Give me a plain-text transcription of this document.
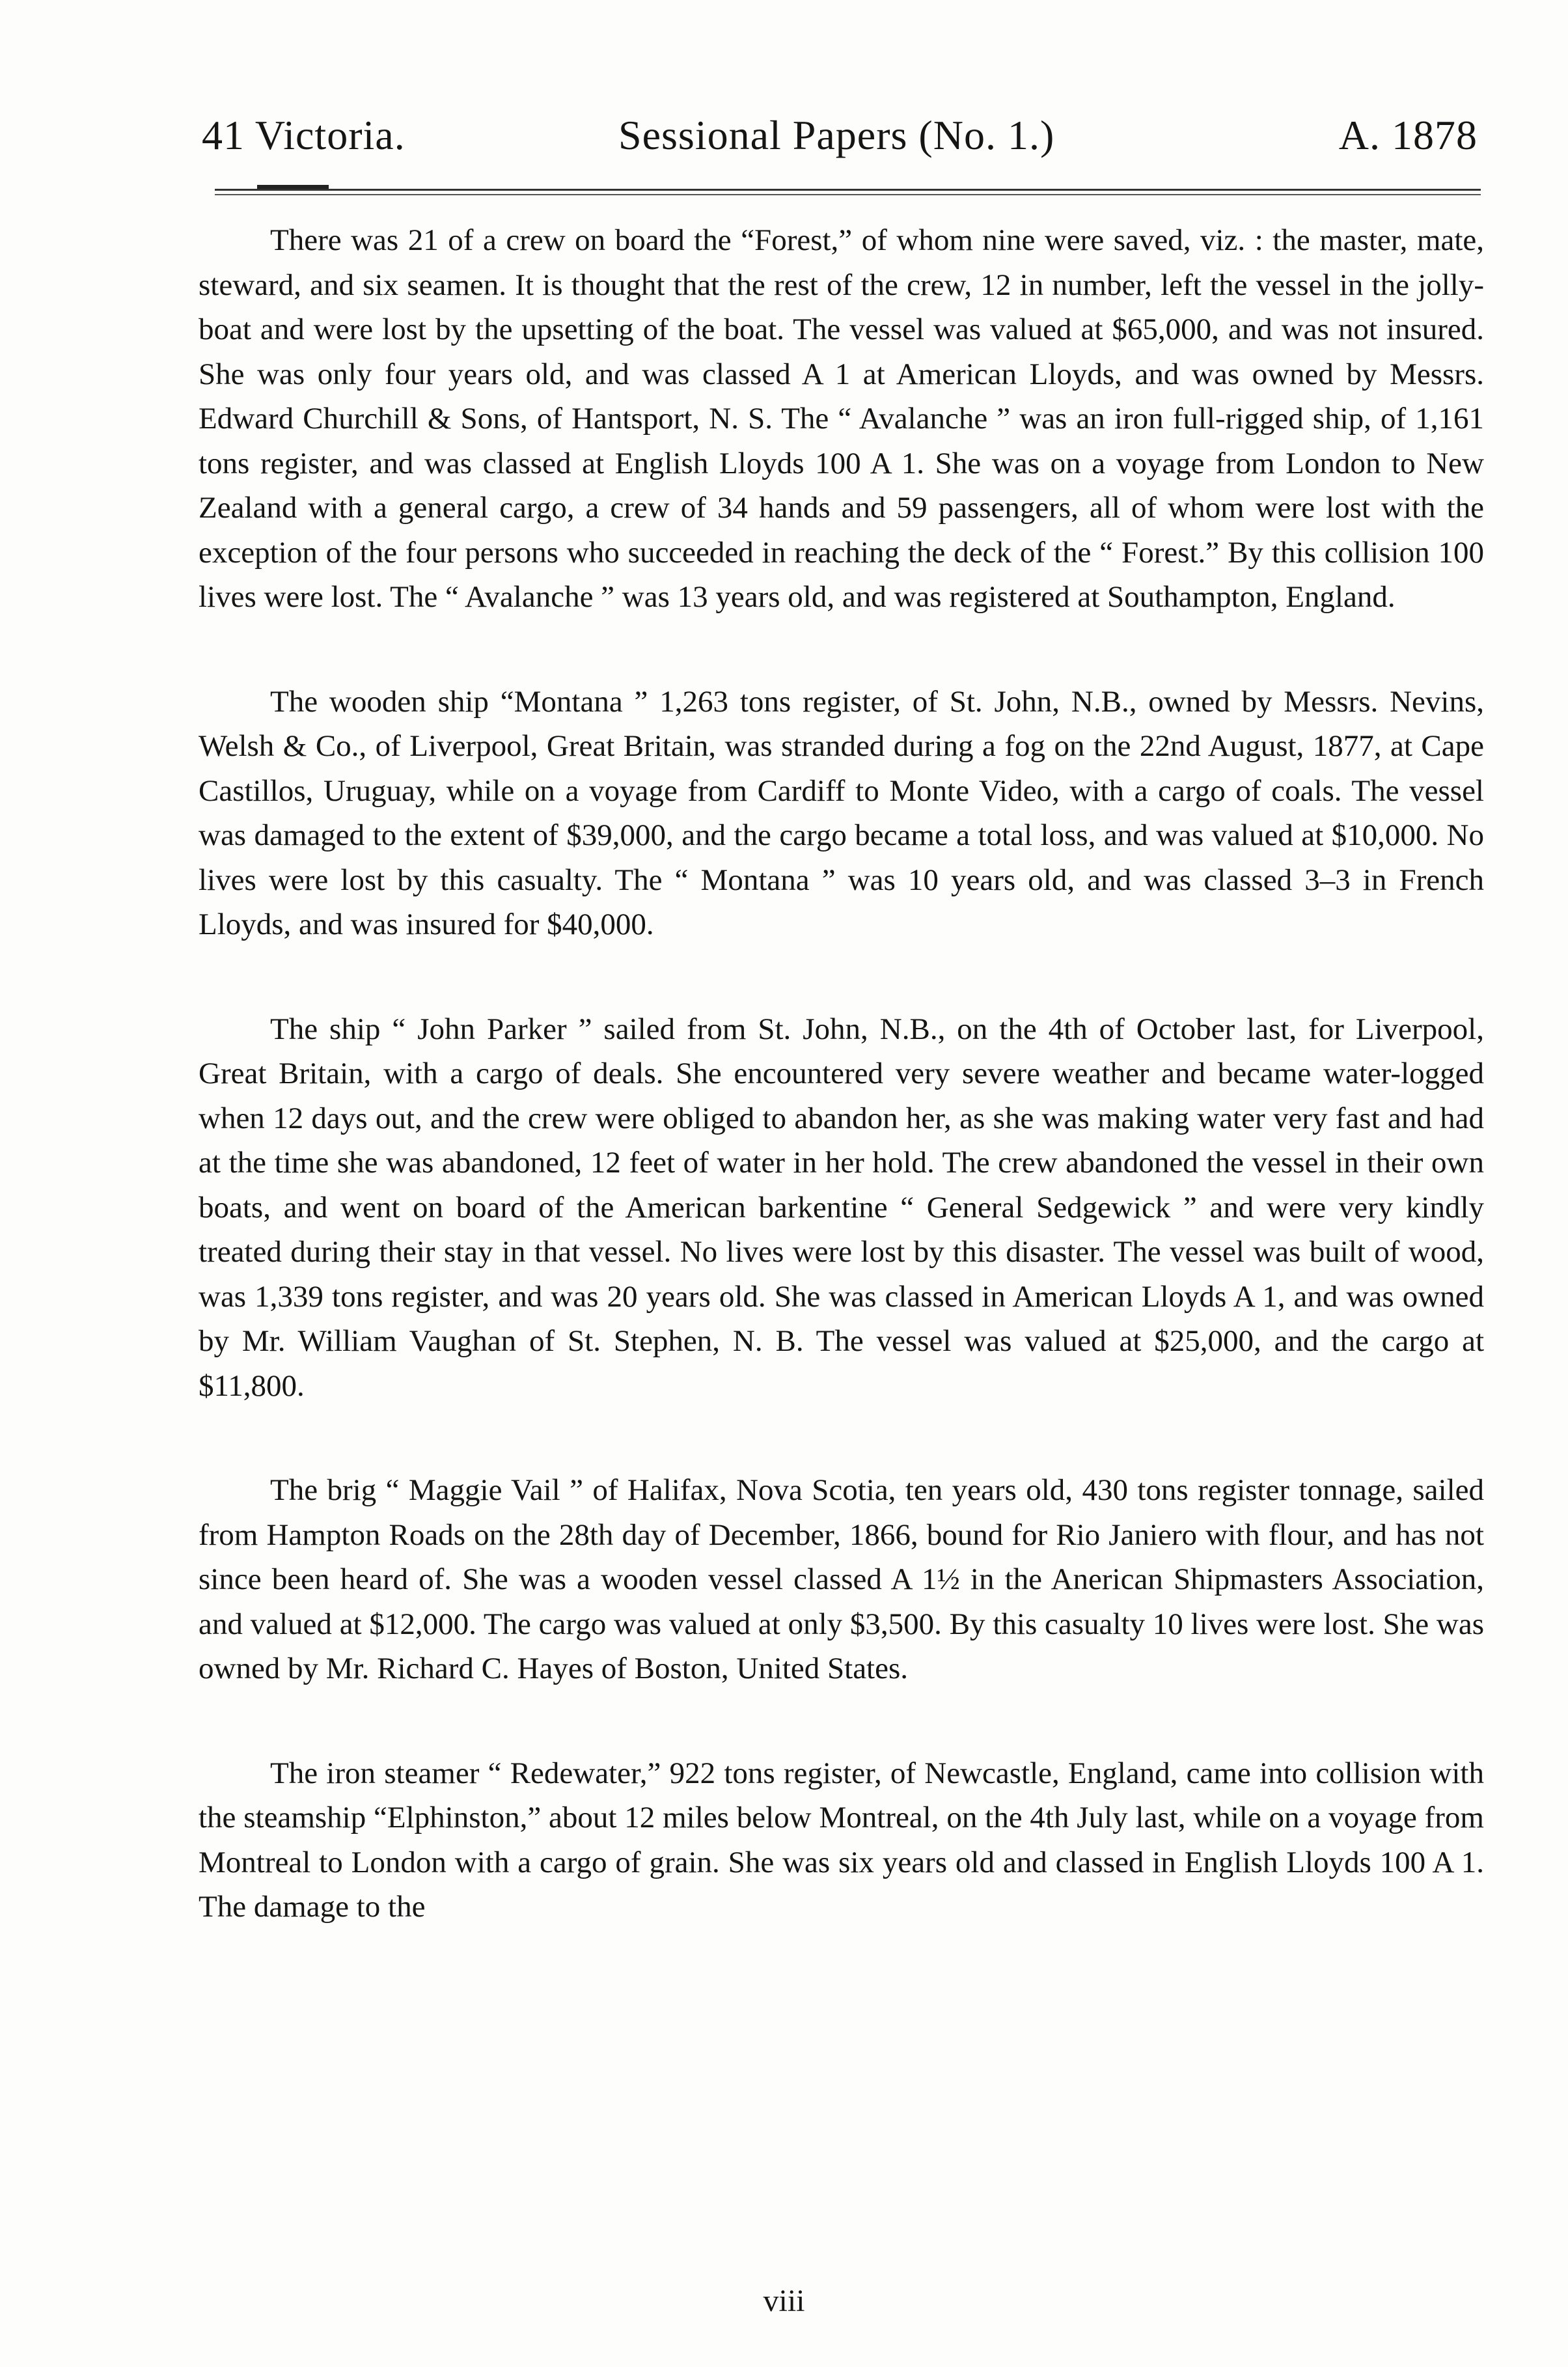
41 Victoria.	Sessional Papers (No. 1.)	A. 1878

There was 21 of a crew on board the “Forest,” of whom nine were saved, viz. : the master, mate, steward, and six seamen. It is thought that the rest of the crew, 12 in number, left the vessel in the jolly-boat and were lost by the upsetting of the boat. The vessel was valued at $65,000, and was not insured. She was only four years old, and was classed A 1 at American Lloyds, and was owned by Messrs. Edward Churchill & Sons, of Hantsport, N. S. The “ Avalanche ” was an iron full-rigged ship, of 1,161 tons register, and was classed at English Lloyds 100 A 1. She was on a voyage from London to New Zealand with a general cargo, a crew of 34 hands and 59 passengers, all of whom were lost with the exception of the four persons who succeeded in reaching the deck of the “ Forest.” By this collision 100 lives were lost. The “ Avalanche ” was 13 years old, and was registered at Southampton, England.

The wooden ship “Montana ” 1,263 tons register, of St. John, N.B., owned by Messrs. Nevins, Welsh & Co., of Liverpool, Great Britain, was stranded during a fog on the 22nd August, 1877, at Cape Castillos, Uruguay, while on a voyage from Cardiff to Monte Video, with a cargo of coals. The vessel was damaged to the extent of $39,000, and the cargo became a total loss, and was valued at $10,000. No lives were lost by this casualty. The “ Montana ” was 10 years old, and was classed 3–3 in French Lloyds, and was insured for $40,000.

The ship “ John Parker ” sailed from St. John, N.B., on the 4th of October last, for Liverpool, Great Britain, with a cargo of deals. She encountered very severe weather and became water-logged when 12 days out, and the crew were obliged to abandon her, as she was making water very fast and had at the time she was abandoned, 12 feet of water in her hold. The crew abandoned the vessel in their own boats, and went on board of the American barkentine “ General Sedgewick ” and were very kindly treated during their stay in that vessel. No lives were lost by this disaster. The vessel was built of wood, was 1,339 tons register, and was 20 years old. She was classed in American Lloyds A 1, and was owned by Mr. William Vaughan of St. Stephen, N. B. The vessel was valued at $25,000, and the cargo at $11,800.

The brig “ Maggie Vail ” of Halifax, Nova Scotia, ten years old, 430 tons register tonnage, sailed from Hampton Roads on the 28th day of December, 1866, bound for Rio Janiero with flour, and has not since been heard of. She was a wooden vessel classed A 1½ in the Anerican Shipmasters Association, and valued at $12,000. The cargo was valued at only $3,500. By this casualty 10 lives were lost. She was owned by Mr. Richard C. Hayes of Boston, United States.

The iron steamer “ Redewater,” 922 tons register, of Newcastle, England, came into collision with the steamship “Elphinston,” about 12 miles below Montreal, on the 4th July last, while on a voyage from Montreal to London with a cargo of grain. She was six years old and classed in English Lloyds 100 A 1. The damage to the

viii
